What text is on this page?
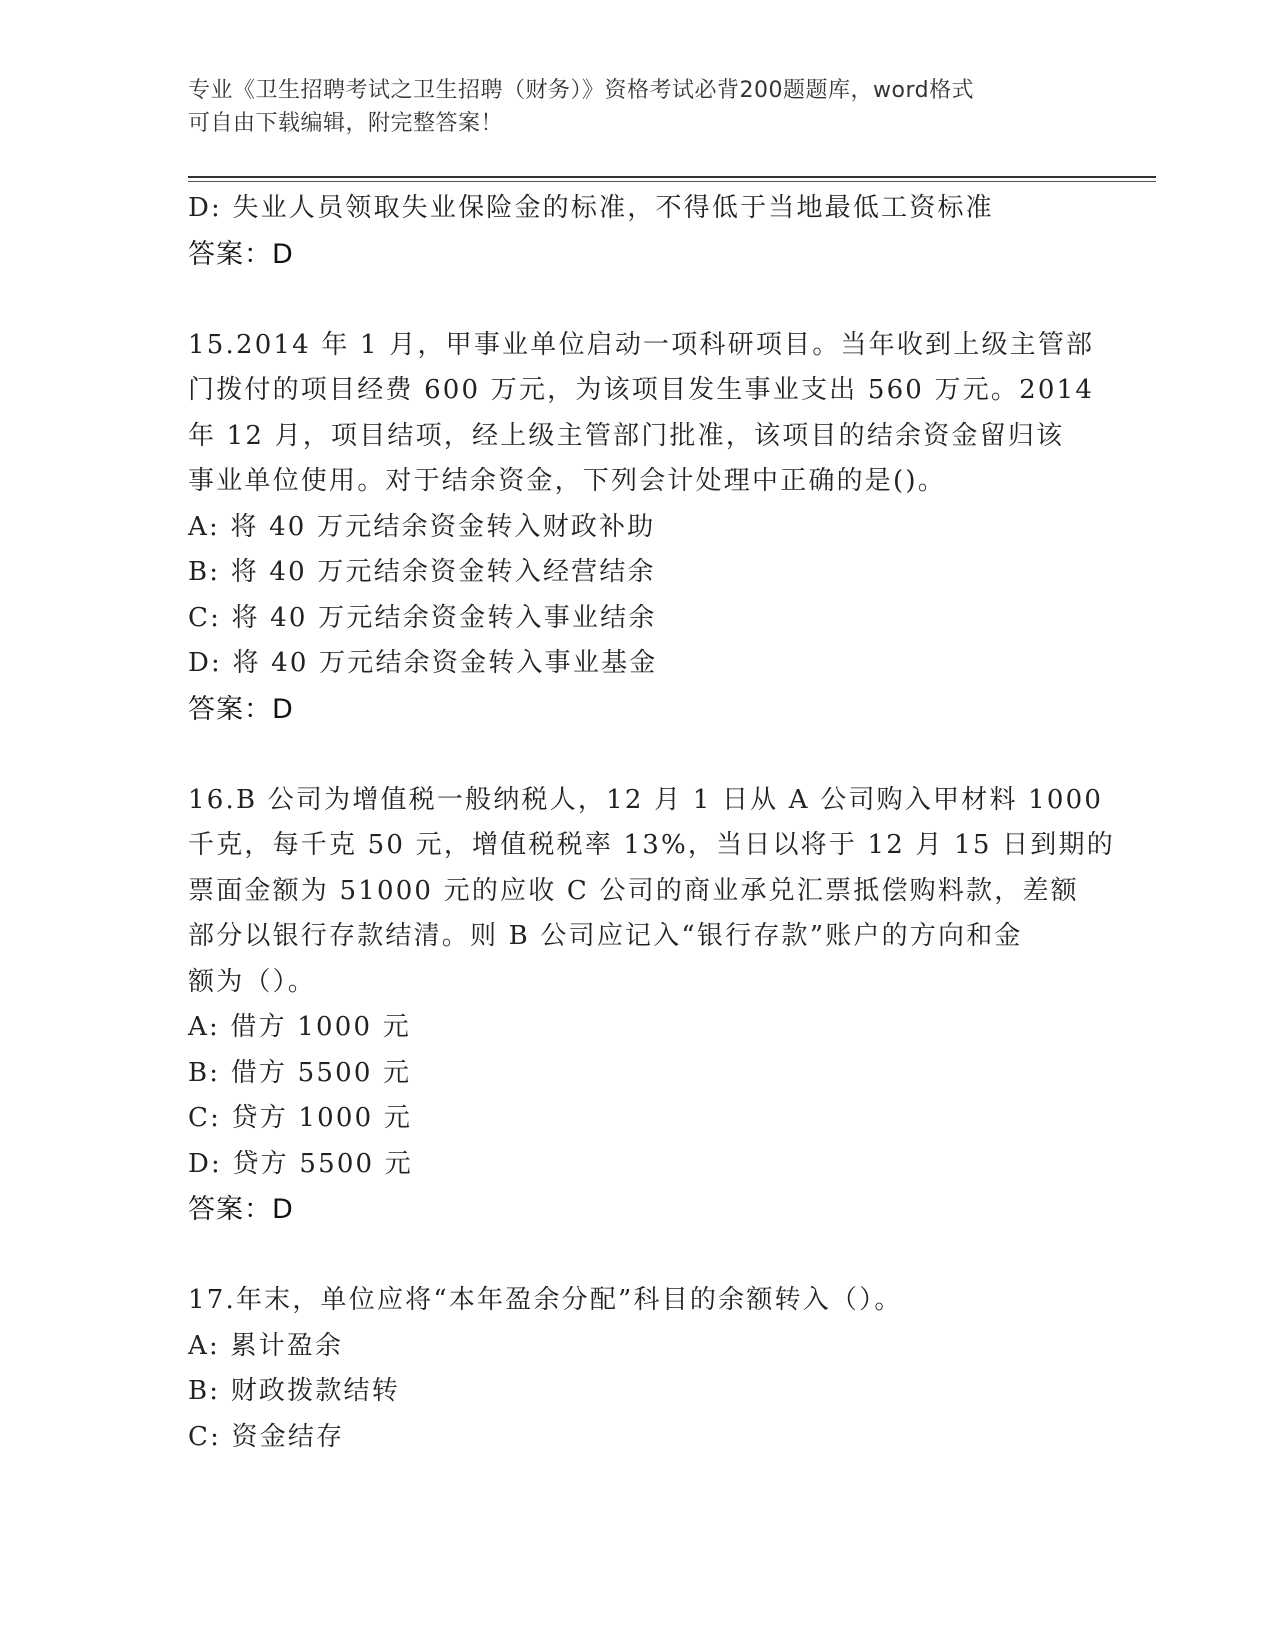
专业《卫生招聘考试之卫生招聘（财务）》资格考试必背200题题库，word格式
可自由下载编辑，附完整答案！
D: 失业人员领取失业保险金的标准，不得低于当地最低工资标准
答案：D
15.2014 年 1 月，甲事业单位启动一项科研项目。当年收到上级主管部
门拨付的项目经费 600 万元，为该项目发生事业支出 560 万元。2014
年 12 月，项目结项，经上级主管部门批准，该项目的结余资金留归该
事业单位使用。对于结余资金，下列会计处理中正确的是()。
A: 将 40 万元结余资金转入财政补助
B: 将 40 万元结余资金转入经营结余
C: 将 40 万元结余资金转入事业结余
D: 将 40 万元结余资金转入事业基金
答案：D
16.B 公司为增值税一般纳税人，12 月 1 日从 A 公司购入甲材料 1000
千克，每千克 50 元，增值税税率 13%，当日以将于 12 月 15 日到期的
票面金额为 51000 元的应收 C 公司的商业承兑汇票抵偿购料款，差额
部分以银行存款结清。则 B 公司应记入“银行存款”账户的方向和金
额为（）。
A: 借方 1000 元
B: 借方 5500 元
C: 贷方 1000 元
D: 贷方 5500 元
答案：D
17.年末，单位应将“本年盈余分配”科目的余额转入（）。
A: 累计盈余
B: 财政拨款结转
C: 资金结存
